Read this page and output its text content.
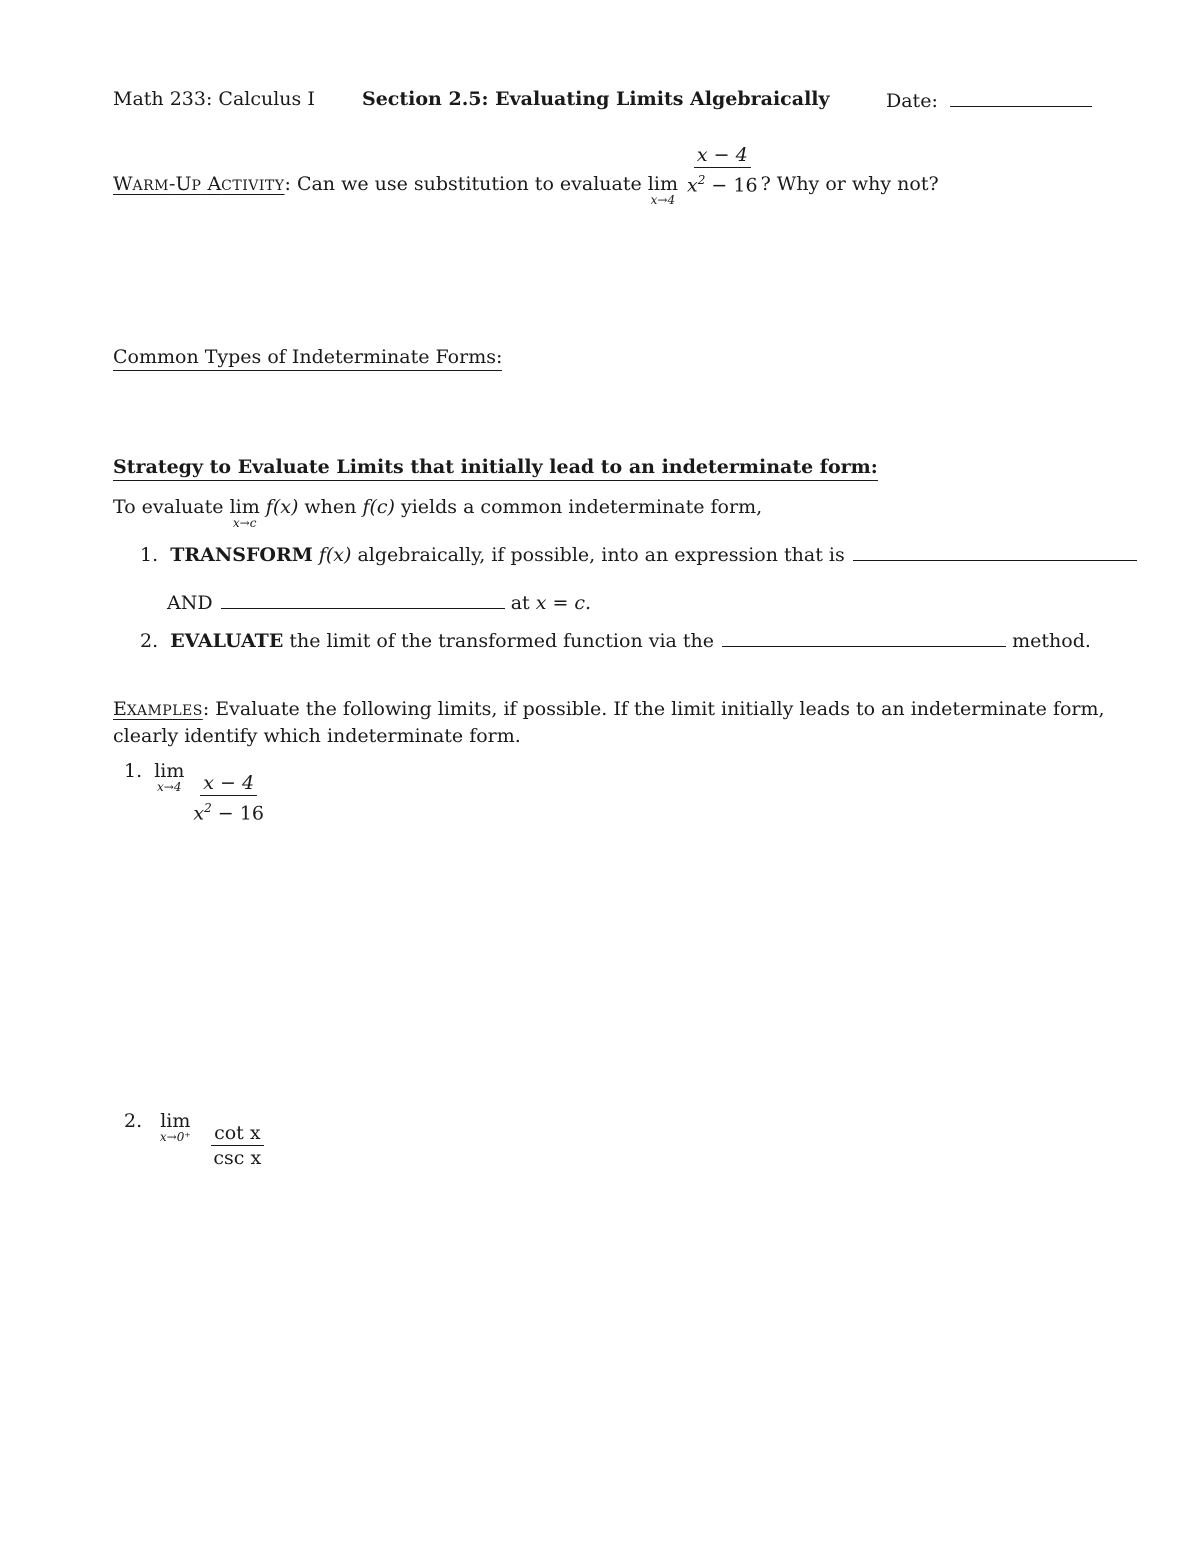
Math 233: Calculus I Section 2.5: Evaluating Limits Algebraically	Date:
WARM-UP ACTIVITY: Can we use substitution to evaluate lim
x→4

$\frac{x - 4}{x^2 - 16}$ ? Why or why not?
Common Types of Indeterminate Forms:
Strategy to Evaluate Limits that initially lead to an indeterminate form:
To evaluate lim
x→c
f(x) when f(c) yields a common indeterminate form,
1. TRANSFORM f(x) algebraically, if possible, into an expression that is
AND	at x = c.
2. EVALUATE the limit of the transformed function via the	method.
EXAMPLES: Evaluate the following limits, if possible. If the limit initially leads to an indeterminate form,
clearly identify which indeterminate form.
1. lim
x→4
$\frac{x - 4}{x^2 - 16}$
2. lim
x→0⁺
$\frac{\text{cot x}}{\text{csc x}}$
